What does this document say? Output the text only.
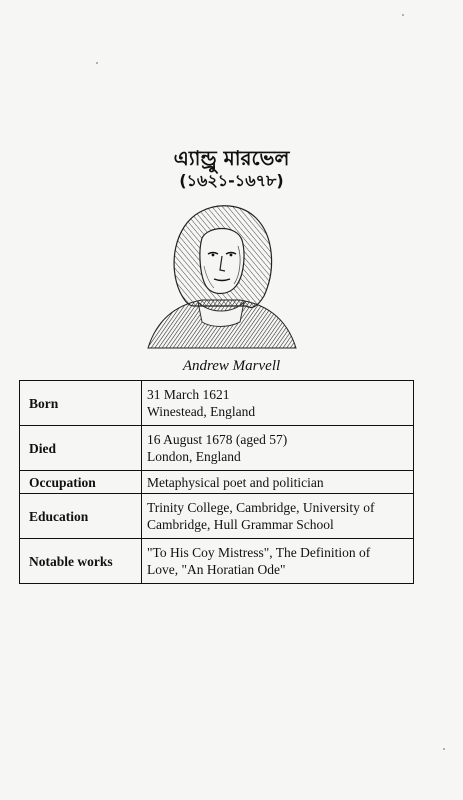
এ্যান্ড্রু মারভেল
(১৬২১-১৬৭৮)
Andrew Marvell
Born	31 March 1621
Winestead, England

Died	16 August 1678 (aged 57)
London, England

Occupation	Metaphysical poet and politician

Education	Trinity College, Cambridge, University of
Cambridge, Hull Grammar School

Notable works	"To His Coy Mistress", The Definition of
Love, "An Horatian Ode"
